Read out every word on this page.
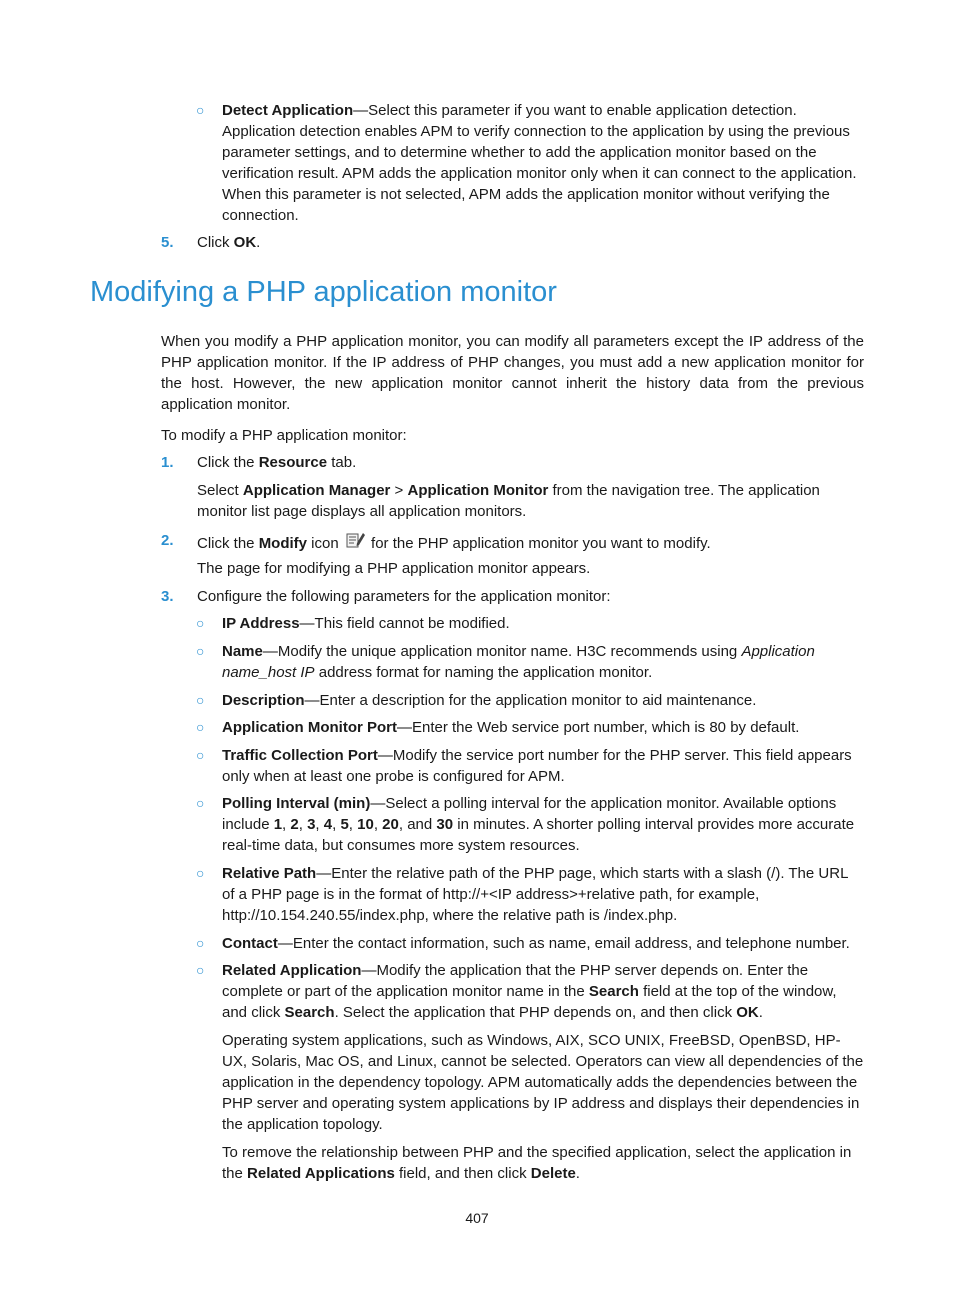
○ Detect Application—Select this parameter if you want to enable application detection. Application detection enables APM to verify connection to the application by using the previous parameter settings, and to determine whether to add the application monitor based on the verification result. APM adds the application monitor only when it can connect to the application. When this parameter is not selected, APM adds the application monitor without verifying the connection.
5. Click OK.
Modifying a PHP application monitor
When you modify a PHP application monitor, you can modify all parameters except the IP address of the PHP application monitor. If the IP address of PHP changes, you must add a new application monitor for the host. However, the new application monitor cannot inherit the history data from the previous application monitor.
To modify a PHP application monitor:
1. Click the Resource tab.
Select Application Manager > Application Monitor from the navigation tree. The application monitor list page displays all application monitors.
2. Click the Modify icon  for the PHP application monitor you want to modify.
The page for modifying a PHP application monitor appears.
3. Configure the following parameters for the application monitor:
○ IP Address—This field cannot be modified.
○ Name—Modify the unique application monitor name. H3C recommends using Application name_host IP address format for naming the application monitor.
○ Description—Enter a description for the application monitor to aid maintenance.
○ Application Monitor Port—Enter the Web service port number, which is 80 by default.
○ Traffic Collection Port—Modify the service port number for the PHP server. This field appears only when at least one probe is configured for APM.
○ Polling Interval (min)—Select a polling interval for the application monitor. Available options include 1, 2, 3, 4, 5, 10, 20, and 30 in minutes. A shorter polling interval provides more accurate real-time data, but consumes more system resources.
○ Relative Path—Enter the relative path of the PHP page, which starts with a slash (/). The URL of a PHP page is in the format of http://+<IP address>+relative path, for example, http://10.154.240.55/index.php, where the relative path is /index.php.
○ Contact—Enter the contact information, such as name, email address, and telephone number.
○ Related Application—Modify the application that the PHP server depends on. Enter the complete or part of the application monitor name in the Search field at the top of the window, and click Search. Select the application that PHP depends on, and then click OK.
Operating system applications, such as Windows, AIX, SCO UNIX, FreeBSD, OpenBSD, HP-UX, Solaris, Mac OS, and Linux, cannot be selected. Operators can view all dependencies of the application in the dependency topology. APM automatically adds the dependencies between the PHP server and operating system applications by IP address and displays their dependencies in the application topology.
To remove the relationship between PHP and the specified application, select the application in the Related Applications field, and then click Delete.
407
